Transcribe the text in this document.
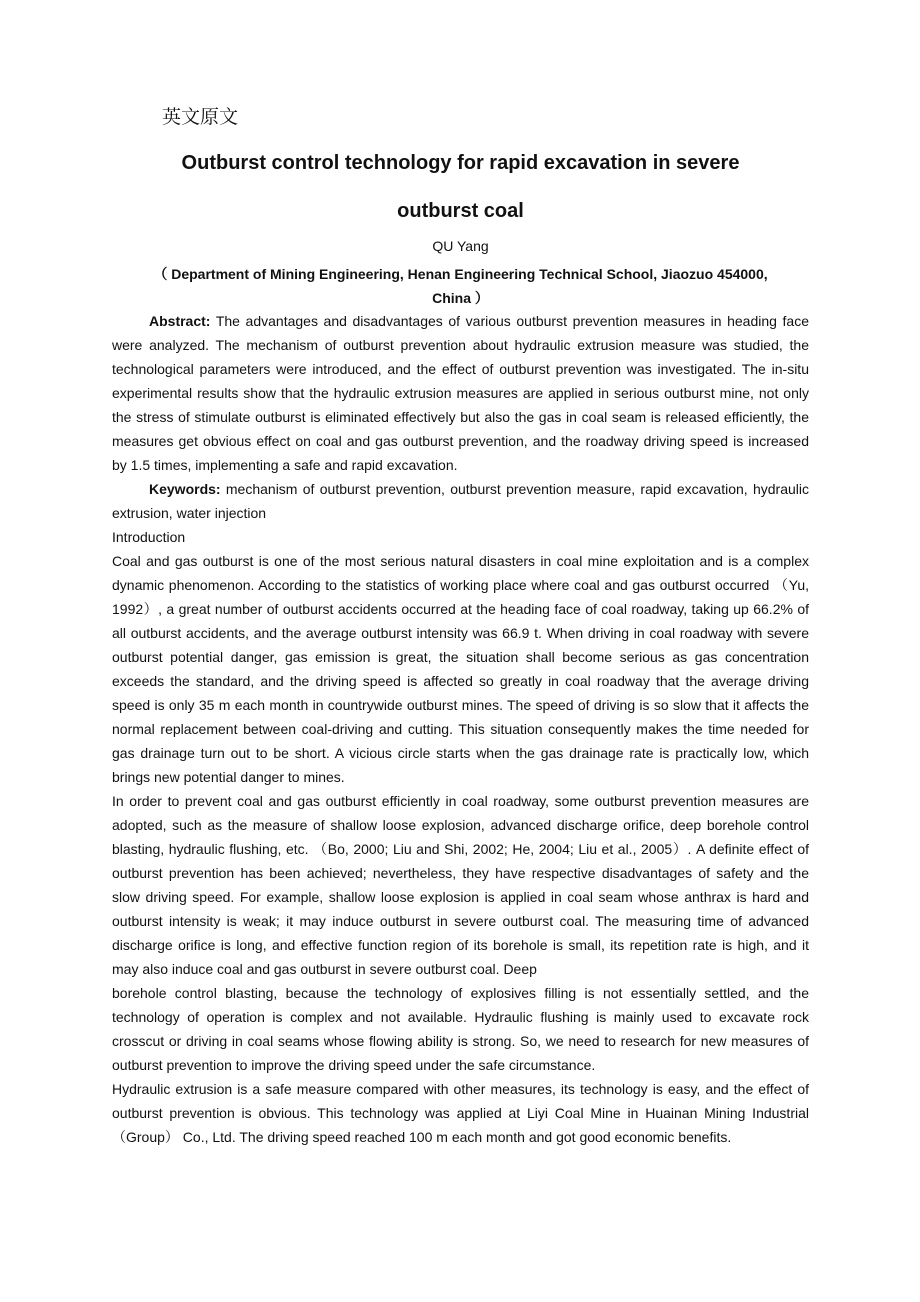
英文原文
Outburst control technology for rapid excavation in severe
outburst coal
QU Yang
（ Department of Mining Engineering, Henan Engineering Technical School, Jiaozuo 454000,
China ）

Abstract: The advantages and disadvantages of various outburst prevention measures in heading face were analyzed. The mechanism of outburst prevention about hydraulic extrusion measure was studied, the technological parameters were introduced, and the effect of outburst prevention was investigated. The in-situ experimental results show that the hydraulic extrusion measures are applied in serious outburst mine, not only the stress of stimulate outburst is eliminated effectively but also the gas in coal seam is released efficiently, the measures get obvious effect on coal and gas outburst prevention, and the roadway driving speed is increased by 1.5 times, implementing a safe and rapid excavation.

Keywords: mechanism of outburst prevention, outburst prevention measure, rapid excavation, hydraulic extrusion, water injection

Introduction

Coal and gas outburst is one of the most serious natural disasters in coal mine exploitation and is a complex dynamic phenomenon. According to the statistics of working place where coal and gas outburst occurred （Yu, 1992）, a great number of outburst accidents occurred at the heading face of coal roadway, taking up 66.2% of all outburst accidents, and the average outburst intensity was 66.9 t. When driving in coal roadway with severe outburst potential danger, gas emission is great, the situation shall become serious as gas concentration exceeds the standard, and the driving speed is affected so greatly in coal roadway that the average driving speed is only 35 m each month in countrywide outburst mines. The speed of driving is so slow that it affects the normal replacement between coal-driving and cutting. This situation consequently makes the time needed for gas drainage turn out to be short. A vicious circle starts when the gas drainage rate is practically low, which brings new potential danger to mines.

In order to prevent coal and gas outburst efficiently in coal roadway, some outburst prevention measures are adopted, such as the measure of shallow loose explosion, advanced discharge orifice, deep borehole control blasting, hydraulic flushing, etc. （Bo, 2000; Liu and Shi, 2002; He, 2004; Liu et al., 2005）. A definite effect of outburst prevention has been achieved; nevertheless, they have respective disadvantages of safety and the slow driving speed. For example, shallow loose explosion is applied in coal seam whose anthrax is hard and outburst intensity is weak; it may induce outburst in severe outburst coal. The measuring time of advanced discharge orifice is long, and effective function region of its borehole is small, its repetition rate is high, and it may also induce coal and gas outburst in severe outburst coal. Deep

borehole control blasting, because the technology of explosives filling is not essentially settled, and the technology of operation is complex and not available. Hydraulic flushing is mainly used to excavate rock crosscut or driving in coal seams whose flowing ability is strong. So, we need to research for new measures of outburst prevention to improve the driving speed under the safe circumstance.

Hydraulic extrusion is a safe measure compared with other measures, its technology is easy, and the effect of outburst prevention is obvious. This technology was applied at Liyi Coal Mine in Huainan Mining Industrial （Group） Co., Ltd. The driving speed reached 100 m each month and got good economic benefits.
